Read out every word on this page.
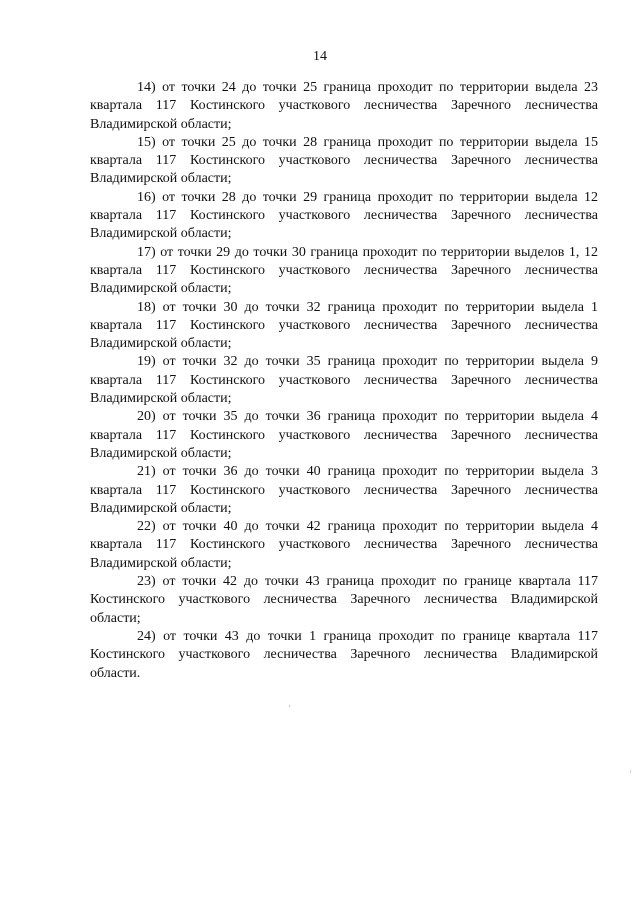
14

14) от точки 24 до точки 25 граница проходит по территории выдела 23 квартала 117 Костинского участкового лесничества Заречного лесничества Владимирской области;

15) от точки 25 до точки 28 граница проходит по территории выдела 15 квартала 117 Костинского участкового лесничества Заречного лесничества Владимирской области;

16) от точки 28 до точки 29 граница проходит по территории выдела 12 квартала 117 Костинского участкового лесничества Заречного лесничества Владимирской области;

17) от точки 29 до точки 30 граница проходит по территории выделов 1, 12 квартала 117 Костинского участкового лесничества Заречного лесничества Владимирской области;

18) от точки 30 до точки 32 граница проходит по территории выдела 1 квартала 117 Костинского участкового лесничества Заречного лесничества Владимирской области;

19) от точки 32 до точки 35 граница проходит по территории выдела 9 квартала 117 Костинского участкового лесничества Заречного лесничества Владимирской области;

20) от точки 35 до точки 36 граница проходит по территории выдела 4 квартала 117 Костинского участкового лесничества Заречного лесничества Владимирской области;

21) от точки 36 до точки 40 граница проходит по территории выдела 3 квартала 117 Костинского участкового лесничества Заречного лесничества Владимирской области;

22) от точки 40 до точки 42 граница проходит по территории выдела 4 квартала 117 Костинского участкового лесничества Заречного лесничества Владимирской области;

23) от точки 42 до точки 43 граница проходит по границе квартала 117 Костинского участкового лесничества Заречного лесничества Владимирской области;

24) от точки 43 до точки 1 граница проходит по границе квартала 117 Костинского участкового лесничества Заречного лесничества Владимирской области.
